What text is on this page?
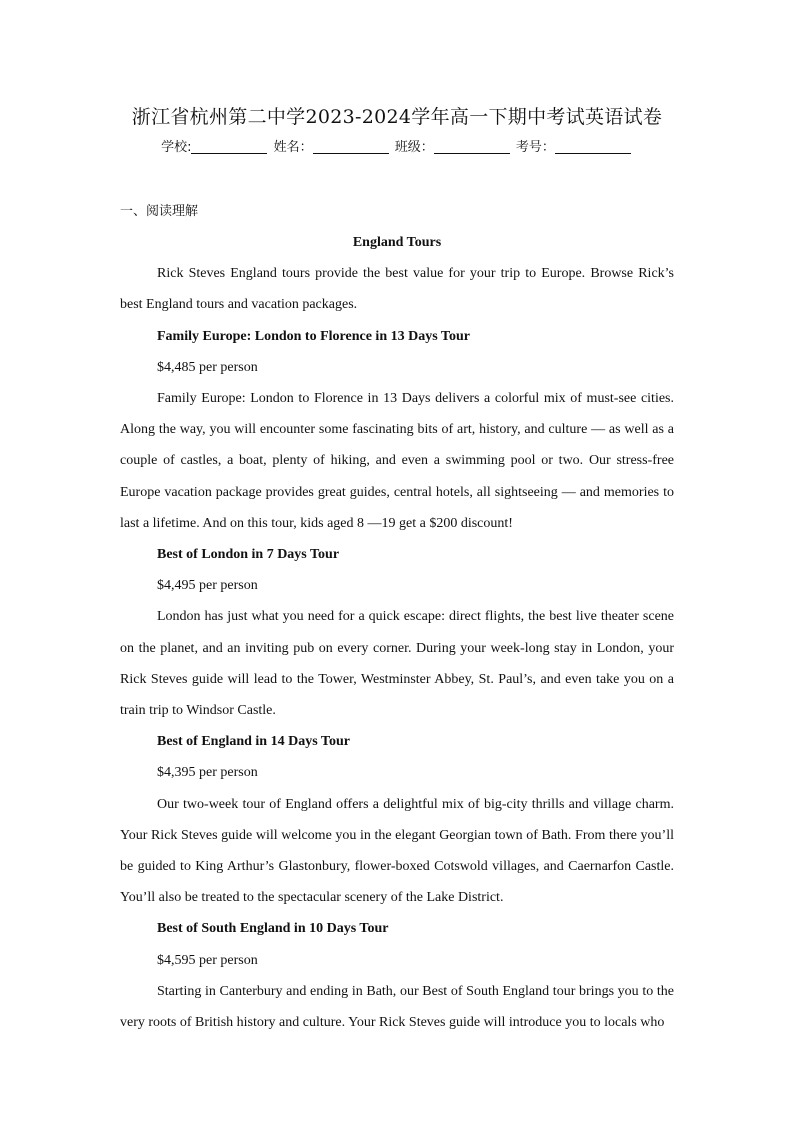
浙江省杭州第二中学2023-2024学年高一下期中考试英语试卷
学校:	姓名：	班级：	考号：
一、阅读理解

England Tours

Rick Steves England tours provide the best value for your trip to Europe. Browse Rick’s best England tours and vacation packages.

Family Europe: London to Florence in 13 Days Tour

$4,485 per person

Family Europe: London to Florence in 13 Days delivers a colorful mix of must-see cities. Along the way, you will encounter some fascinating bits of art, history, and culture — as well as a couple of castles, a boat, plenty of hiking, and even a swimming pool or two. Our stress-free Europe vacation package provides great guides, central hotels, all sightseeing — and memories to last a lifetime. And on this tour, kids aged 8 —19 get a $200 discount!

Best of London in 7 Days Tour

$4,495 per person

London has just what you need for a quick escape: direct flights, the best live theater scene on the planet, and an inviting pub on every corner. During your week-long stay in London, your Rick Steves guide will lead to the Tower, Westminster Abbey, St. Paul’s, and even take you on a train trip to Windsor Castle.

Best of England in 14 Days Tour

$4,395 per person

Our two-week tour of England offers a delightful mix of big-city thrills and village charm. Your Rick Steves guide will welcome you in the elegant Georgian town of Bath. From there you’ll be guided to King Arthur’s Glastonbury, flower-boxed Cotswold villages, and Caernarfon Castle. You’ll also be treated to the spectacular scenery of the Lake District.

Best of South England in 10 Days Tour

$4,595 per person

Starting in Canterbury and ending in Bath, our Best of South England tour brings you to the very roots of British history and culture. Your Rick Steves guide will introduce you to locals who
